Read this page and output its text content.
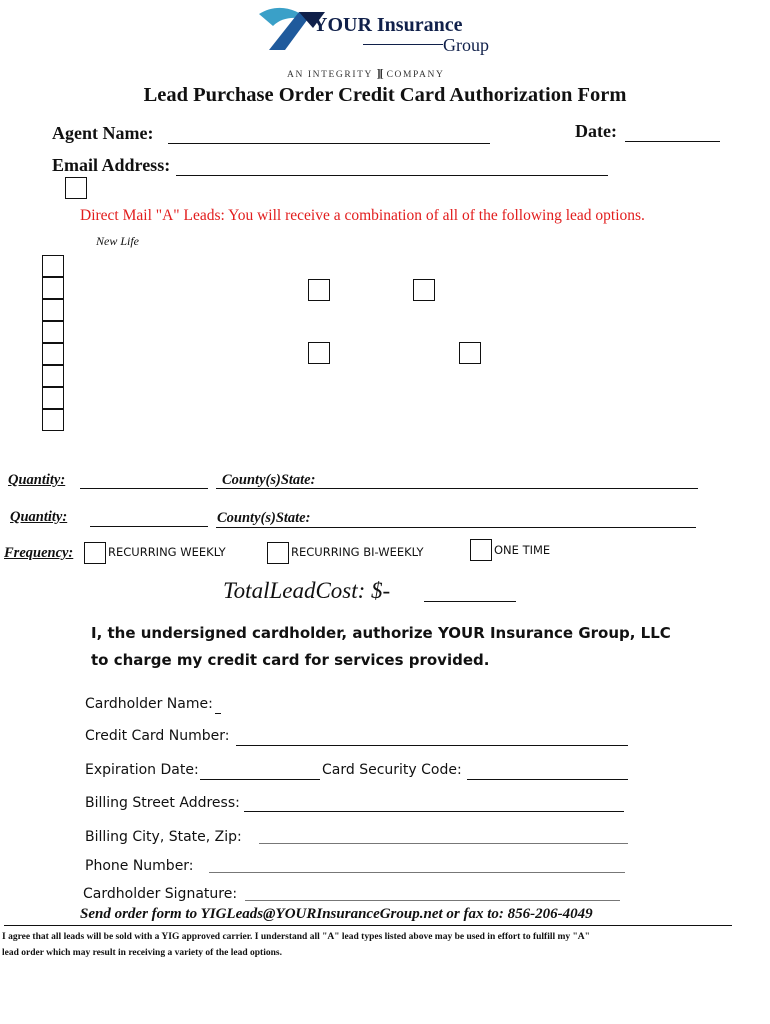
YOUR Insurance
Group
AN INTEGRITY ][ COMPANY
Lead Purchase Order Credit Card Authorization Form
Agent Name:	Date:
Email Address:
Direct Mail "A" Leads: You will receive a combination of all of the following lead options.
New Life
Quantity:	County(s)State:
Quantity:	County(s)State:
Frequency:	RECURRING WEEKLY	RECURRING BI-WEEKLY	ONE TIME
TotalLeadCost: $-
I, the undersigned cardholder, authorize YOUR Insurance Group, LLC
to charge my credit card for services provided.
Cardholder Name:
Credit Card Number:
Expiration Date:	Card Security Code:
Billing Street Address:
Billing City, State, Zip:
Phone Number:
Cardholder Signature:
Send order form to YIGLeads@YOURInsuranceGroup.net or fax to: 856-206-4049
I agree that all leads will be sold with a YIG approved carrier. I understand all "A" lead types listed above may be used in effort to fulfill my "A"
lead order which may result in receiving a variety of the lead options.
